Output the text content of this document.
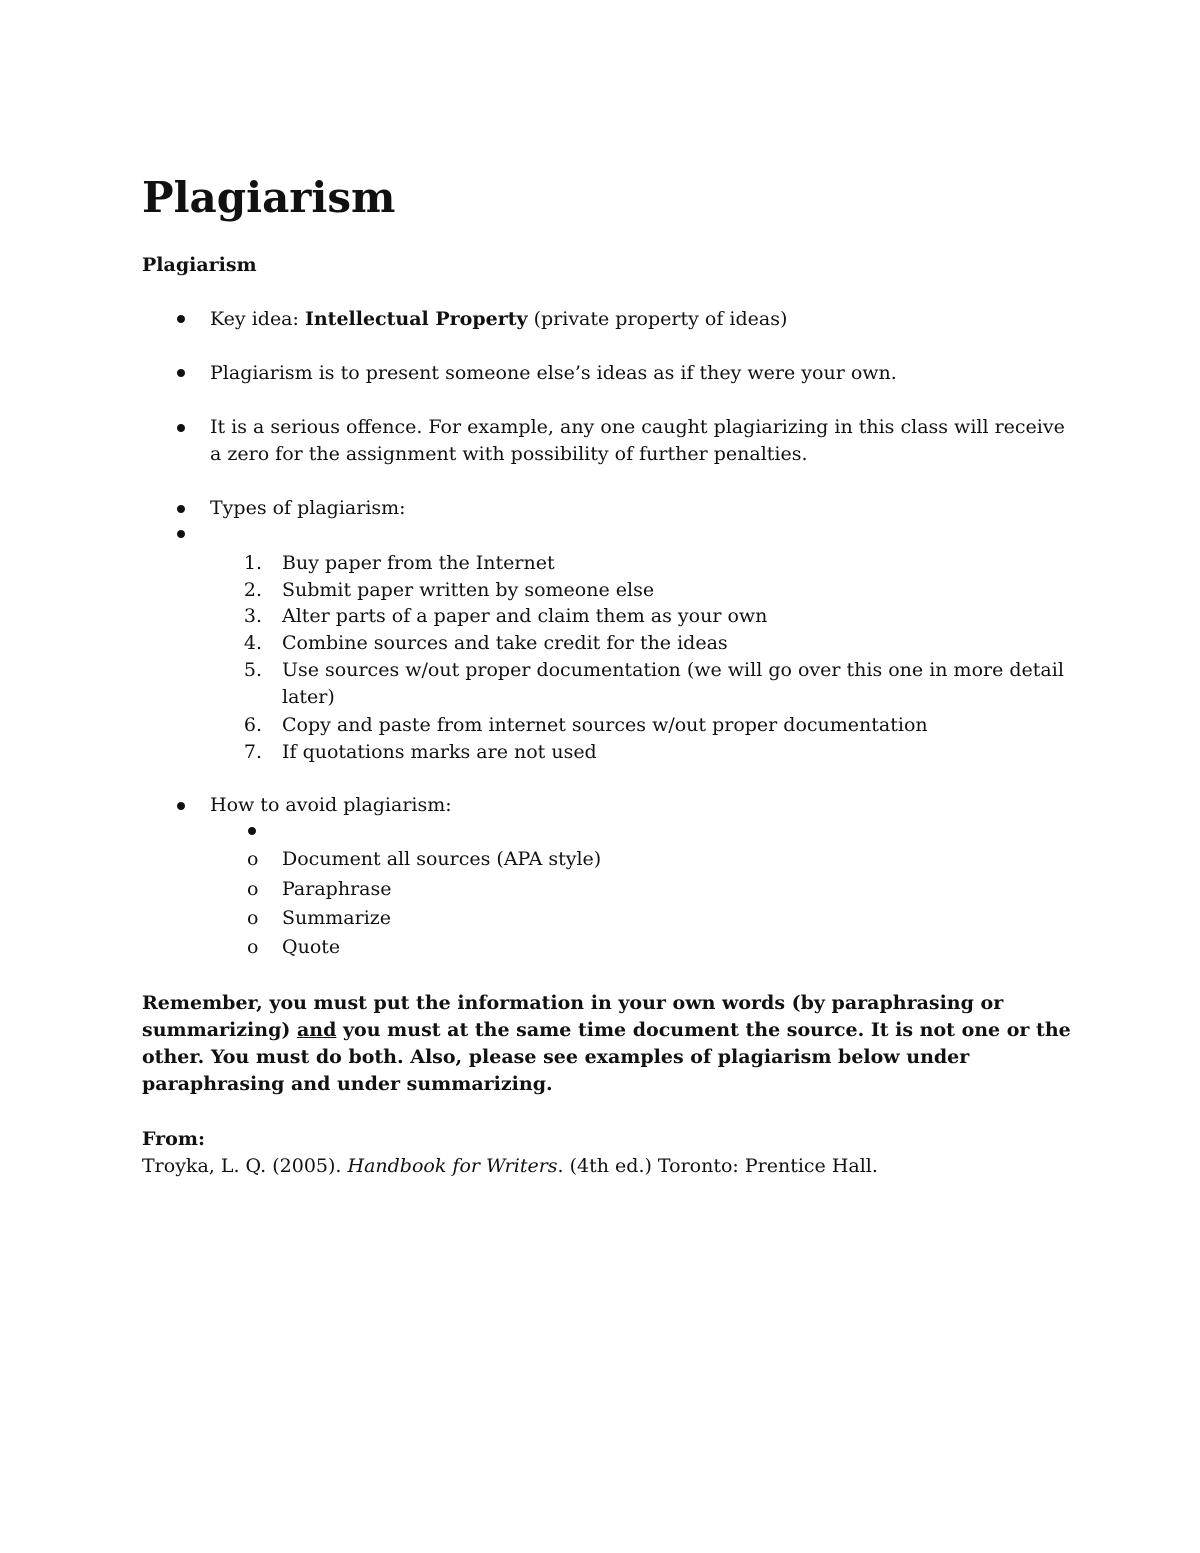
Plagiarism
Plagiarism
Key idea: Intellectual Property (private property of ideas)
Plagiarism is to present someone else’s ideas as if they were your own.
It is a serious offence. For example, any one caught plagiarizing in this class will receive
a zero for the assignment with possibility of further penalties.
Types of plagiarism:
1. Buy paper from the Internet
2. Submit paper written by someone else
3. Alter parts of a paper and claim them as your own
4. Combine sources and take credit for the ideas
5. Use sources w/out proper documentation (we will go over this one in more detail
later)
6. Copy and paste from internet sources w/out proper documentation
7. If quotations marks are not used
How to avoid plagiarism:
o Document all sources (APA style)
o Paraphrase
o Summarize
o Quote

Remember, you must put the information in your own words (by paraphrasing or summarizing) and you must at the same time document the source. It is not one or the other. You must do both. Also, please see examples of plagiarism below under paraphrasing and under summarizing.

From:
Troyka, L. Q. (2005). Handbook for Writers. (4th ed.) Toronto: Prentice Hall.
